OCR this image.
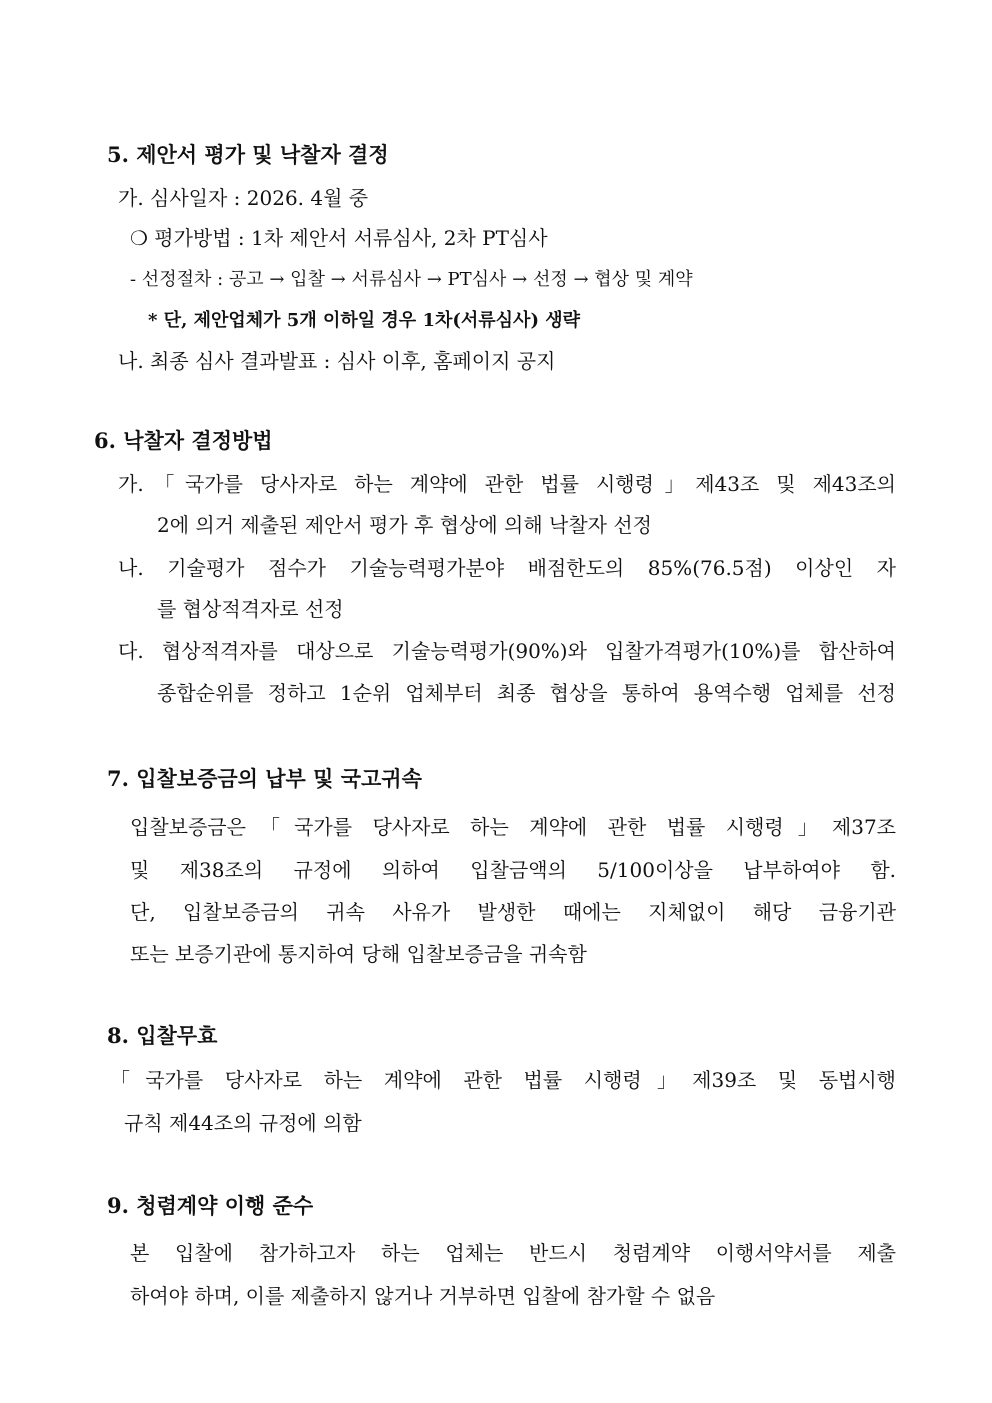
5. 제안서 평가 및 낙찰자 결정
가. 심사일자 : 2026. 4월 중
❍ 평가방법 : 1차 제안서 서류심사, 2차 PT심사
- 선정절차 : 공고 → 입찰 → 서류심사 → PT심사 → 선정 → 협상 및 계약
* 단, 제안업체가 5개 이하일 경우 1차(서류심사) 생략
나. 최종 심사 결과발표 : 심사 이후, 홈페이지 공지
6. 낙찰자 결정방법
가.「국가를 당사자로 하는 계약에 관한 법률 시행령」제43조 및 제43조의
2에 의거 제출된 제안서 평가 후 협상에 의해 낙찰자 선정
나. 기술평가 점수가 기술능력평가분야 배점한도의 85%(76.5점) 이상인 자
를 협상적격자로 선정
다. 협상적격자를 대상으로 기술능력평가(90%)와 입찰가격평가(10%)를 합산하여
종합순위를 정하고 1순위 업체부터 최종 협상을 통하여 용역수행 업체를 선정
7. 입찰보증금의 납부 및 국고귀속
입찰보증금은「국가를 당사자로 하는 계약에 관한 법률 시행령」제37조
및 제38조의 규정에 의하여 입찰금액의 5/100이상을 납부하여야 함.
단, 입찰보증금의 귀속 사유가 발생한 때에는 지체없이 해당 금융기관
또는 보증기관에 통지하여 당해 입찰보증금을 귀속함
8. 입찰무효
「국가를 당사자로 하는 계약에 관한 법률 시행령」제39조 및 동법시행
규칙 제44조의 규정에 의함
9. 청렴계약 이행 준수
본 입찰에 참가하고자 하는 업체는 반드시 청렴계약 이행서약서를 제출
하여야 하며, 이를 제출하지 않거나 거부하면 입찰에 참가할 수 없음
